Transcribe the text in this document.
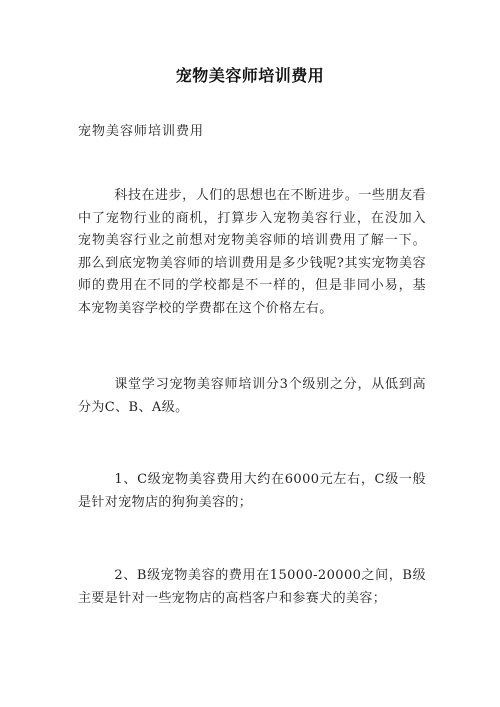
宠物美容师培训费用
宠物美容师培训费用
科技在进步，人们的思想也在不断进步。一些朋友看中了宠物行业的商机，打算步入宠物美容行业，在没加入宠物美容行业之前想对宠物美容师的培训费用了解一下。那么到底宠物美容师的培训费用是多少钱呢?其实宠物美容师的费用在不同的学校都是不一样的，但是非同小易，基本宠物美容学校的学费都在这个价格左右。
课堂学习宠物美容师培训分3个级别之分，从低到高分为C、B、A级。
1、C级宠物美容费用大约在6000元左右，C级一般是针对宠物店的狗狗美容的；
2、B级宠物美容的费用在15000-20000之间，B级主要是针对一些宠物店的高档客户和参赛犬的美容；
